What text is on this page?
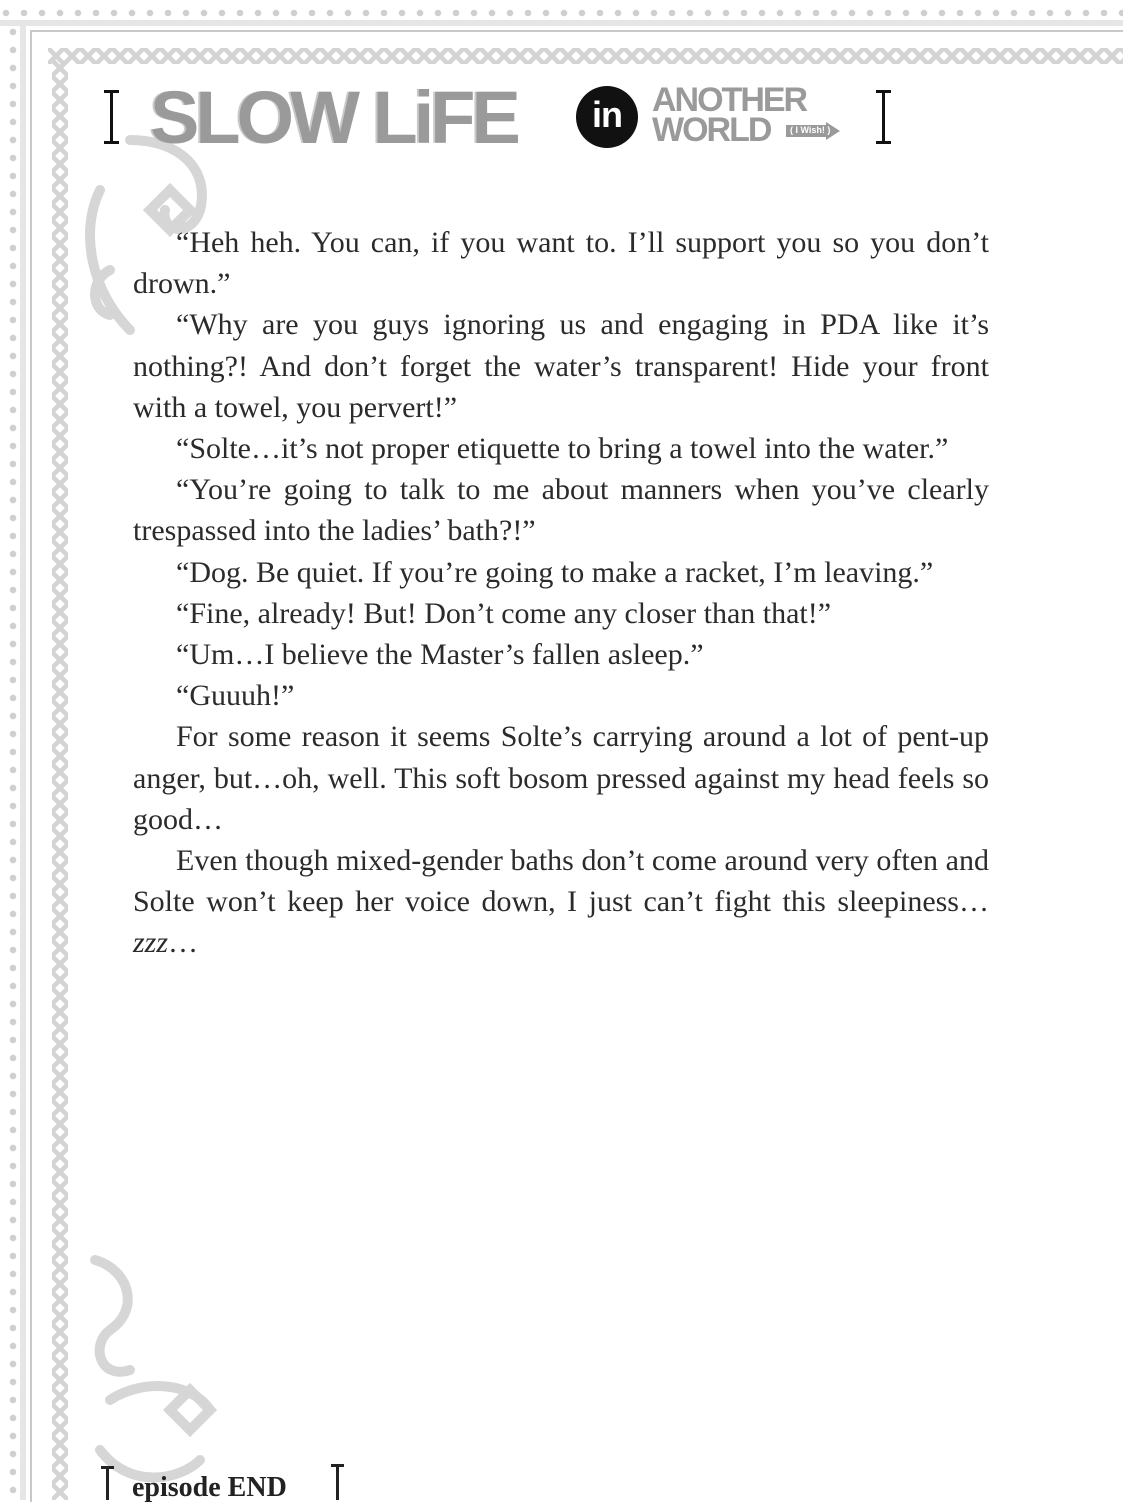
SLOW LiFE	in ANOTHER
WORLD ( I Wish! )

“Heh heh. You can, if you want to. I’ll support you so you don’t drown.”

“Why are you guys ignoring us and engaging in PDA like it’s nothing?! And don’t forget the water’s transparent! Hide your front with a towel, you pervert!”

“Solte…it’s not proper etiquette to bring a towel into the water.”

“You’re going to talk to me about manners when you’ve clearly trespassed into the ladies’ bath?!”

“Dog. Be quiet. If you’re going to make a racket, I’m leaving.”

“Fine, already! But! Don’t come any closer than that!”

“Um…I believe the Master’s fallen asleep.”

“Guuuh!”

For some reason it seems Solte’s carrying around a lot of pent-up anger, but…oh, well. This soft bosom pressed against my head feels so good…

Even though mixed-gender baths don’t come around very often and Solte won’t keep her voice down, I just can’t fight this sleepiness…zzz…

episode END
